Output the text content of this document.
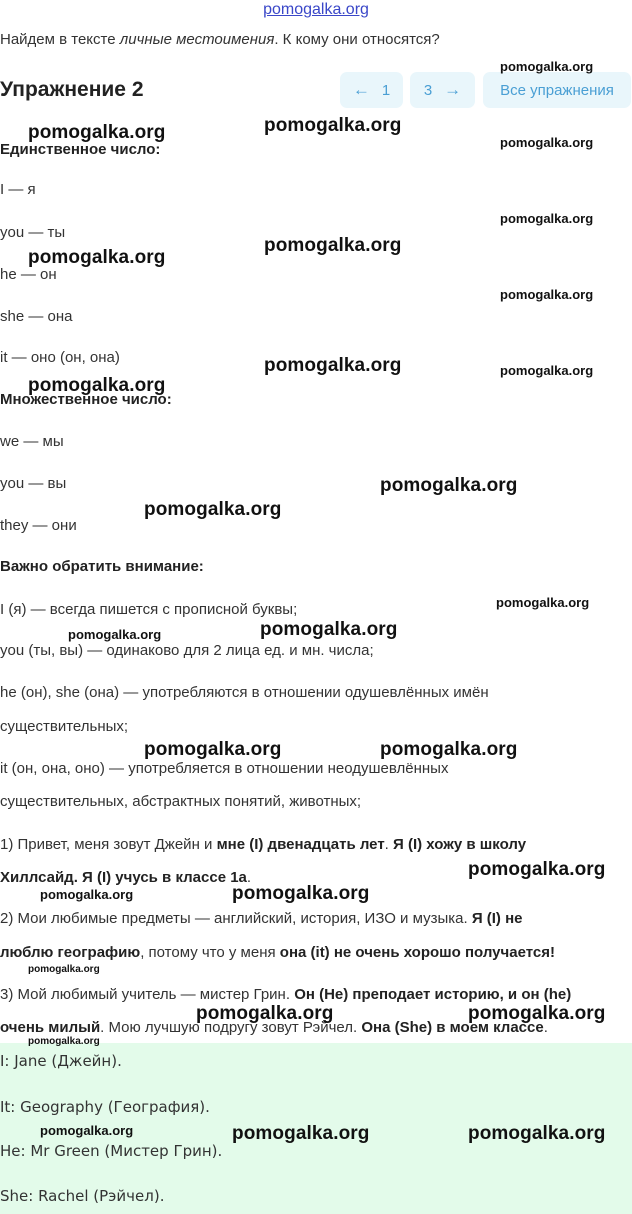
pomogalka.org
Найдем в тексте личные местоимения. К кому они относятся?
Упражнение 2	← 1 3 →	Все упражнения
Единственное число:
I — я
you — ты
he — он
she — она
it — оно (он, она)
Множественное число:
we — мы
you — вы
they — они
Важно обратить внимание:
I (я) — всегда пишется с прописной буквы;
you (ты, вы) — одинаково для 2 лица ед. и мн. числа;
he (он), she (она) — употребляются в отношении одушевлённых имён
существительных;
it (он, она, оно) — употребляется в отношении неодушевлённых
существительных, абстрактных понятий, животных;
1) Привет, меня зовут Джейн и мне (I) двенадцать лет. Я (I) хожу в школу
Хиллсайд. Я (I) учусь в классе 1a.
2) Мои любимые предметы — английский, история, ИЗО и музыка. Я (I) не
люблю географию, потому что у меня она (it) не очень хорошо получается!
3) Мой любимый учитель — мистер Грин. Он (He) преподает историю, и он (he)
очень милый. Мою лучшую подругу зовут Рэйчел. Она (She) в моем классе.
I: Jane (Джейн).
It: Geography (География).
He: Mr Green (Мистер Грин).
She: Rachel (Рэйчел).
pomogalka.org	pomogalka.org
pomogalka.org
pomogalka.org
pomogalka.org
pomogalka.org
pomogalka.org
pomogalka.org
pomogalka.org
pomogalka.org	pomogalka.org
pomogalka.org
pomogalka.org
pomogalka.org	pomogalka.org
pomogalka.org	pomogalka.org
pomogalka.org
pomogalka.org
pomogalka.org
pomogalka.org
pomogalka.org
pomogalka.org
pomogalka.org
pomogalka.org
pomogalka.org
pomogalka.org
pomogalka.org
